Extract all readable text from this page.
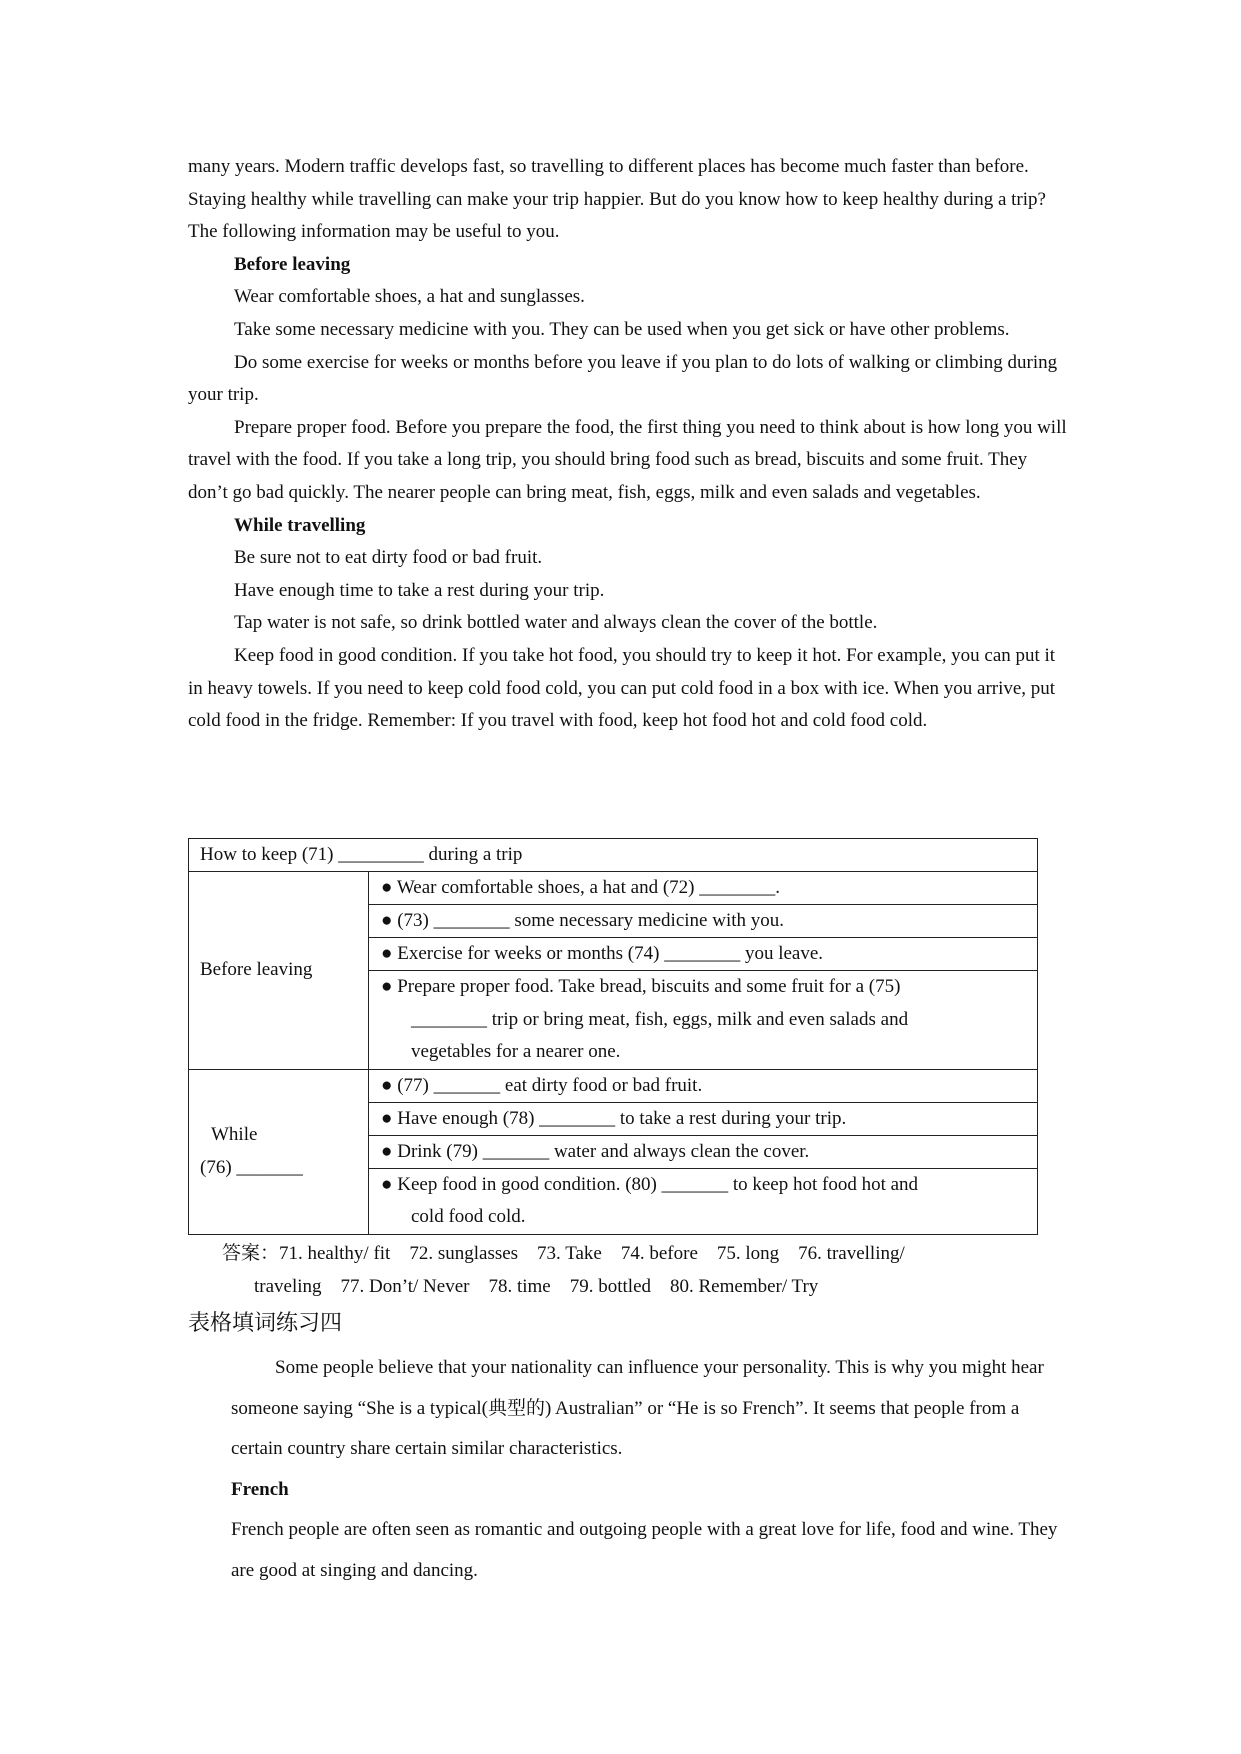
many years. Modern traffic develops fast, so travelling to different places has become much faster than before. Staying healthy while travelling can make your trip happier. But do you know how to keep healthy during a trip? The following information may be useful to you.

Before leaving

Wear comfortable shoes, a hat and sunglasses.

Take some necessary medicine with you. They can be used when you get sick or have other problems.

Do some exercise for weeks or months before you leave if you plan to do lots of walking or climbing during your trip.

Prepare proper food. Before you prepare the food, the first thing you need to think about is how long you will travel with the food. If you take a long trip, you should bring food such as bread, biscuits and some fruit. They don’t go bad quickly. The nearer people can bring meat, fish, eggs, milk and even salads and vegetables.

While travelling

Be sure not to eat dirty food or bad fruit.

Have enough time to take a rest during your trip.

Tap water is not safe, so drink bottled water and always clean the cover of the bottle.

Keep food in good condition. If you take hot food, you should try to keep it hot. For example, you can put it in heavy towels. If you need to keep cold food cold, you can put cold food in a box with ice. When you arrive, put cold food in the fridge. Remember: If you travel with food, keep hot food hot and cold food cold.

How to keep (71) _________ during a trip	
Before leaving	● Wear comfortable shoes, a hat and (72) ________.
	● (73) ________ some necessary medicine with you.
	● Exercise for weeks or months (74) ________ you leave.

	● Prepare proper food. Take bread, biscuits and some fruit for a (75)
________ trip or bring meat, fish, eggs, milk and even salads and
vegetables for a nearer one.

While
(76) _______	● (77) _______ eat dirty food or bad fruit.
	● Have enough (78) ________ to take a rest during your trip.
	● Drink (79) _______ water and always clean the cover.

	● Keep food in good condition. (80) _______ to keep hot food hot and
cold food cold.
答案：71. healthy/ fit    72. sunglasses    73. Take    74. before    75. long    76. travelling/
traveling    77. Don’t/ Never    78. time    79. bottled    80. Remember/ Try
表格填词练习四

Some people believe that your nationality can influence your personality. This is why you might hear someone saying “She is a typical(典型的) Australian” or “He is so French”. It seems that people from a certain country share certain similar characteristics.

French

French people are often seen as romantic and outgoing people with a great love for life, food and wine. They are good at singing and dancing.
